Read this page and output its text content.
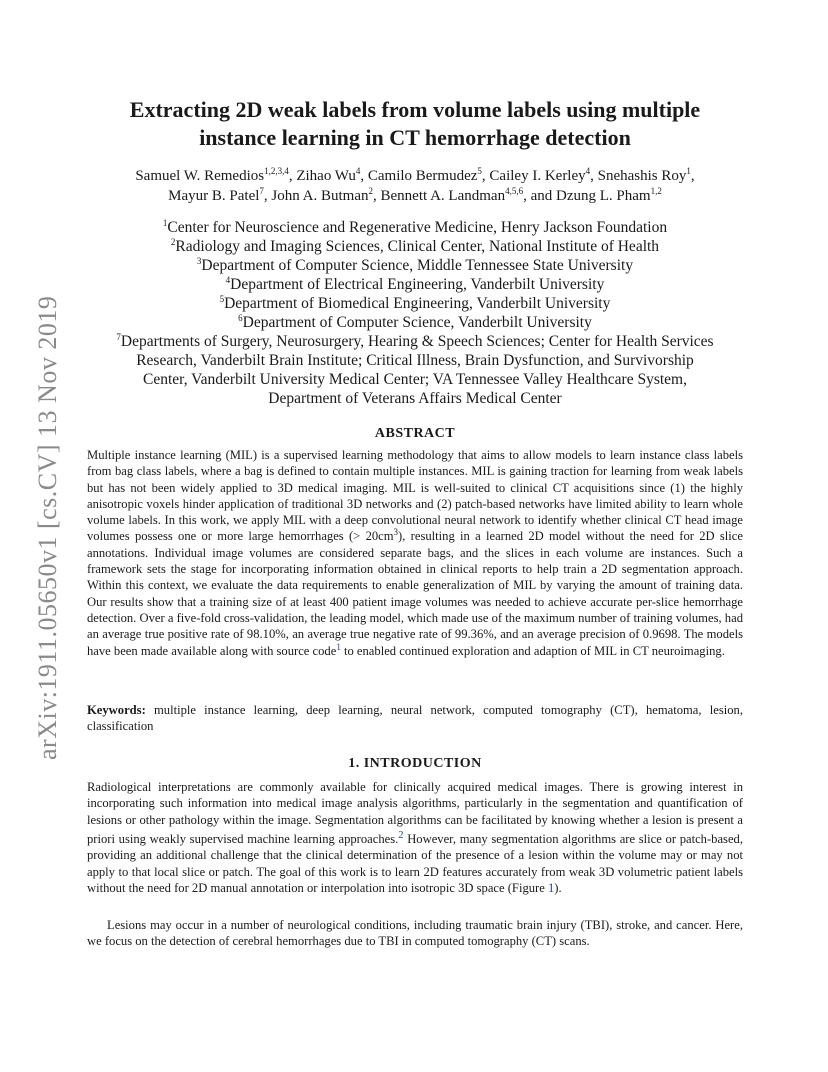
arXiv:1911.05650v1 [cs.CV] 13 Nov 2019
Extracting 2D weak labels from volume labels using multiple
instance learning in CT hemorrhage detection
Samuel W. Remedios$^{1,2,3,4}$, Zihao Wu$^4$, Camilo Bermudez$^5$, Cailey I. Kerley$^4$, Snehashis Roy$^1$,
Mayur B. Patel$^7$, John A. Butman$^2$, Bennett A. Landman$^{4,5,6}$, and Dzung L. Pham$^{1,2}$
$^1$Center for Neuroscience and Regenerative Medicine, Henry Jackson Foundation
$^2$Radiology and Imaging Sciences, Clinical Center, National Institute of Health
$^3$Department of Computer Science, Middle Tennessee State University
$^4$Department of Electrical Engineering, Vanderbilt University
$^5$Department of Biomedical Engineering, Vanderbilt University
$^6$Department of Computer Science, Vanderbilt University
$^7$Departments of Surgery, Neurosurgery, Hearing & Speech Sciences; Center for Health Services
Research, Vanderbilt Brain Institute; Critical Illness, Brain Dysfunction, and Survivorship
Center, Vanderbilt University Medical Center; VA Tennessee Valley Healthcare System,
Department of Veterans Affairs Medical Center
ABSTRACT

Multiple instance learning (MIL) is a supervised learning methodology that aims to allow models to learn instance class labels from bag class labels, where a bag is defined to contain multiple instances. MIL is gaining traction for learning from weak labels but has not been widely applied to 3D medical imaging. MIL is well-suited to clinical CT acquisitions since (1) the highly anisotropic voxels hinder application of traditional 3D networks and (2) patch-based networks have limited ability to learn whole volume labels. In this work, we apply MIL with a deep convolutional neural network to identify whether clinical CT head image volumes possess one or more large hemorrhages (> $20cm^3$), resulting in a learned 2D model without the need for 2D slice annotations. Individual image volumes are considered separate bags, and the slices in each volume are instances. Such a framework sets the stage for incorporating information obtained in clinical reports to help train a 2D segmentation approach. Within this context, we evaluate the data requirements to enable generalization of MIL by varying the amount of training data. Our results show that a training size of at least 400 patient image volumes was needed to achieve accurate per-slice hemorrhage detection. Over a five-fold cross-validation, the leading model, which made use of the maximum number of training volumes, had an average true positive rate of 98.10%, an average true negative rate of 99.36%, and an average precision of 0.9698. The models have been made available along with source code$^1$ to enabled continued exploration and adaption of MIL in CT neuroimaging.

Keywords: multiple instance learning, deep learning, neural network, computed tomography (CT), hematoma, lesion, classification

1. INTRODUCTION

Radiological interpretations are commonly available for clinically acquired medical images. There is growing interest in incorporating such information into medical image analysis algorithms, particularly in the segmentation and quantification of lesions or other pathology within the image. Segmentation algorithms can be facilitated by knowing whether a lesion is present a priori using weakly supervised machine learning approaches.$^2$ However, many segmentation algorithms are slice or patch-based, providing an additional challenge that the clinical determination of the presence of a lesion within the volume may or may not apply to that local slice or patch. The goal of this work is to learn 2D features accurately from weak 3D volumetric patient labels without the need for 2D manual annotation or interpolation into isotropic 3D space (Figure 1).

Lesions may occur in a number of neurological conditions, including traumatic brain injury (TBI), stroke, and cancer. Here, we focus on the detection of cerebral hemorrhages due to TBI in computed tomography (CT) scans.
